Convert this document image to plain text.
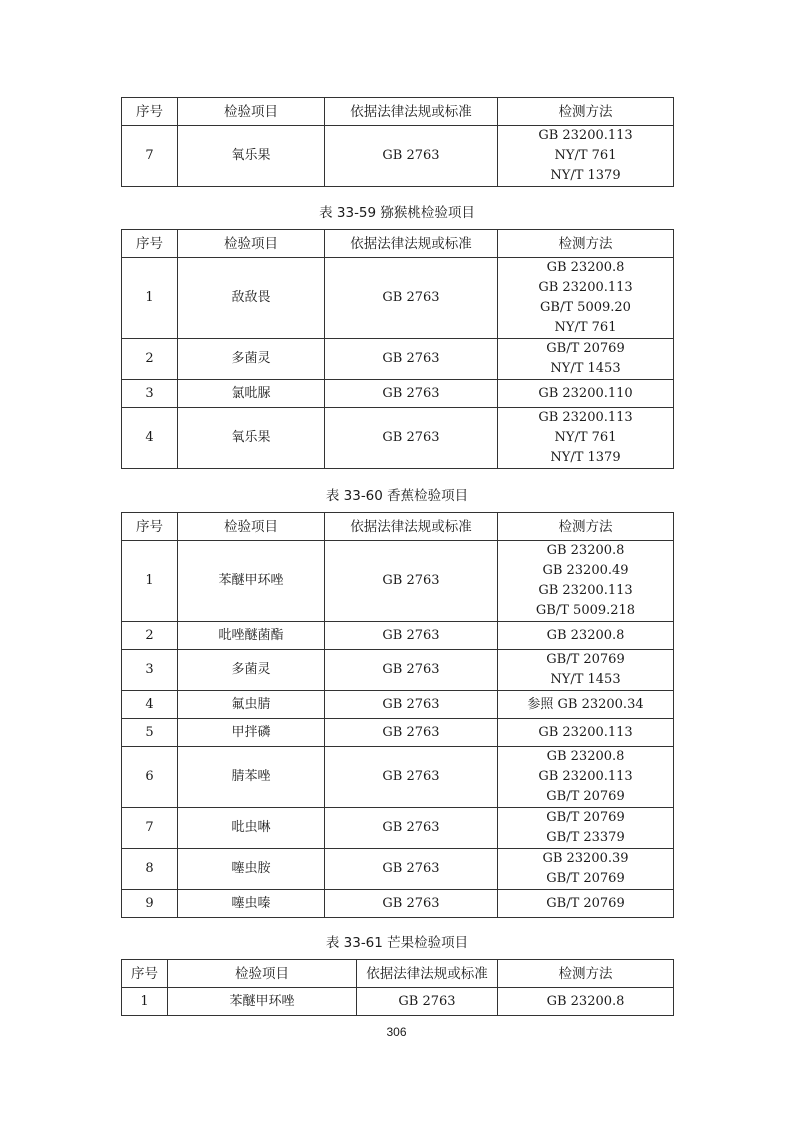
序号	检验项目	依据法律法规或标准	检测方法
7	氧乐果	GB 2763	GB 23200.113
NY/T 761
NY/T 1379
表 33-59 猕猴桃检验项目
序号	检验项目	依据法律法规或标准	检测方法
1	敌敌畏	GB 2763	GB 23200.8
GB 23200.113
GB/T 5009.20
NY/T 761

2	多菌灵	GB 2763	GB/T 20769
NY/T 1453

3	氯吡脲	GB 2763	GB 23200.110

4	氧乐果	GB 2763	GB 23200.113
NY/T 761
NY/T 1379
表 33-60 香蕉检验项目
序号	检验项目	依据法律法规或标准	检测方法
1	苯醚甲环唑	GB 2763	GB 23200.8
GB 23200.49
GB 23200.113
GB/T 5009.218

2	吡唑醚菌酯	GB 2763	GB 23200.8

3	多菌灵	GB 2763	GB/T 20769
NY/T 1453

4	氟虫腈	GB 2763	参照 GB 23200.34

5	甲拌磷	GB 2763	GB 23200.113

6	腈苯唑	GB 2763	GB 23200.8
GB 23200.113
GB/T 20769

7	吡虫啉	GB 2763	GB/T 20769
GB/T 23379

8	噻虫胺	GB 2763	GB 23200.39
GB/T 20769

9	噻虫嗪	GB 2763	GB/T 20769
表 33-61 芒果检验项目
序号	检验项目	依据法律法规或标准	检测方法
1	苯醚甲环唑	GB 2763	GB 23200.8
306
